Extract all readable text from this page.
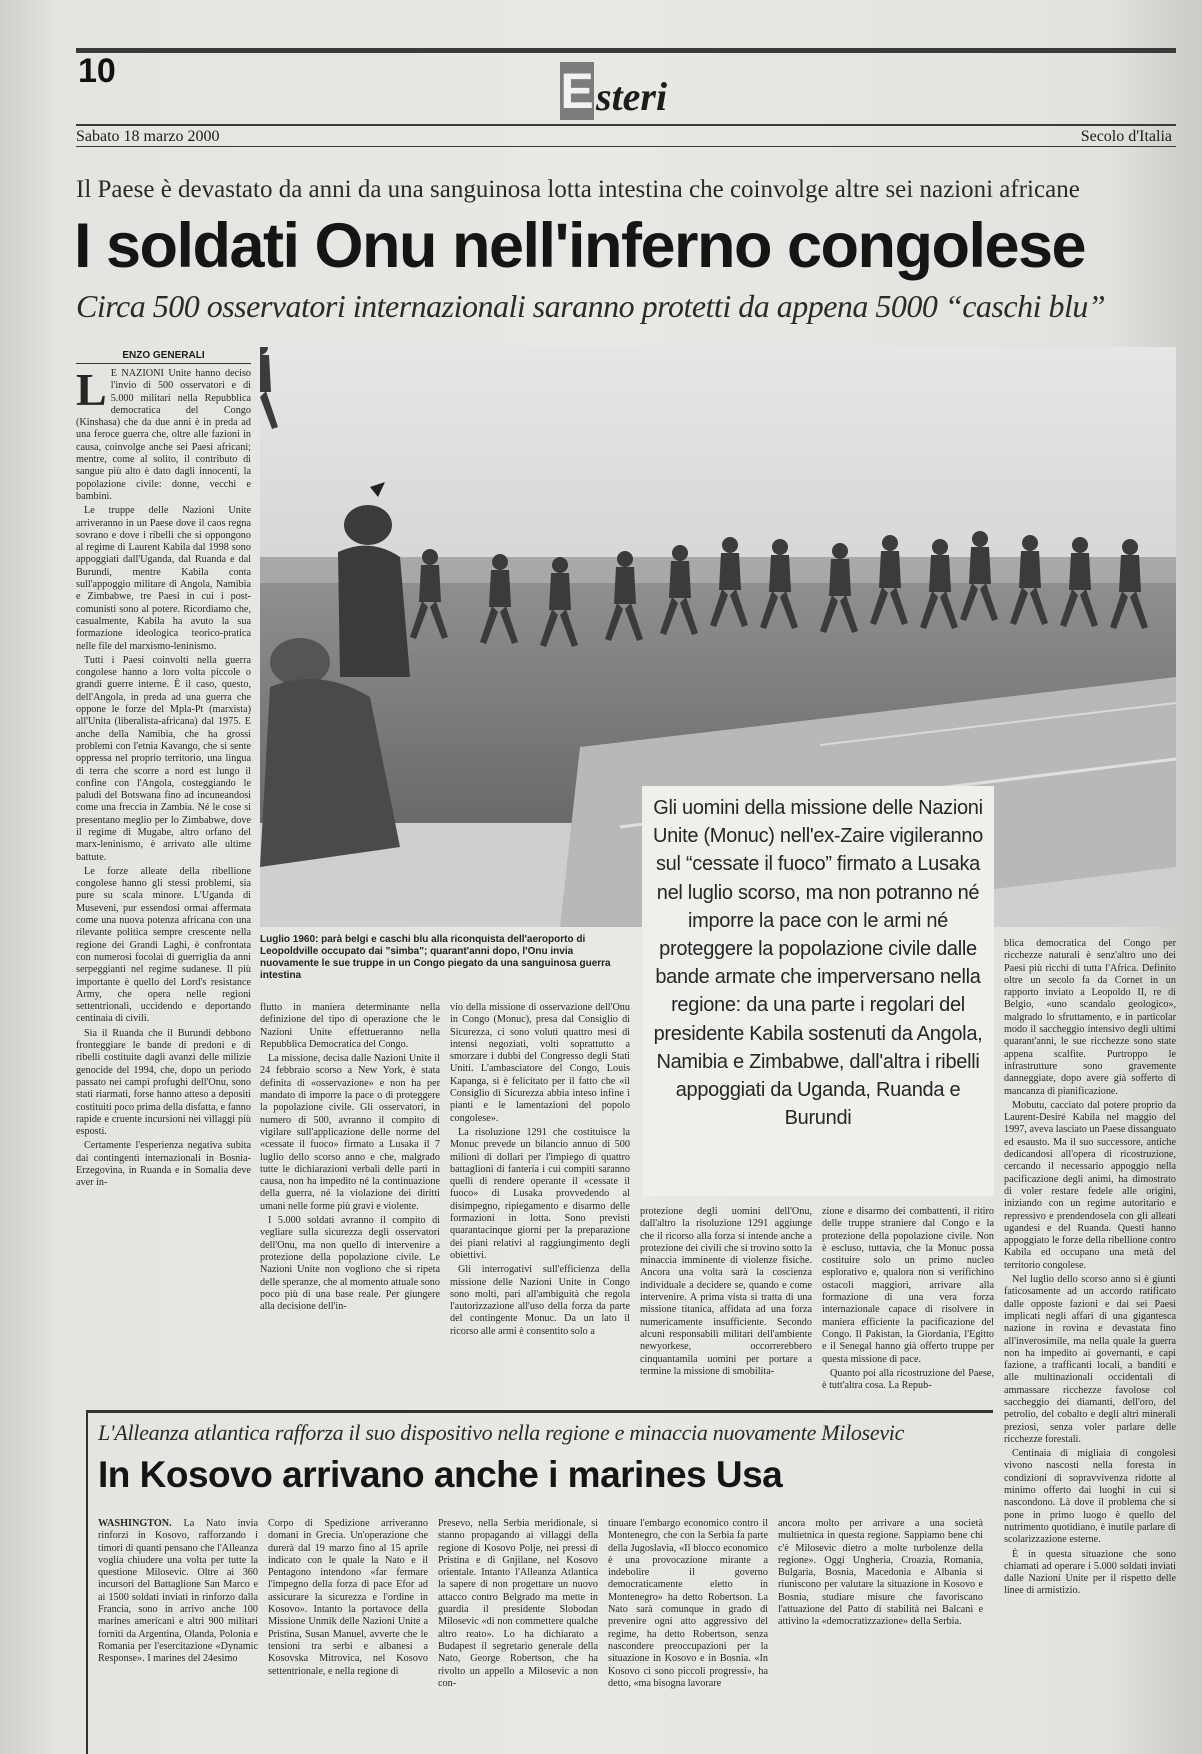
10	Esteri
Sabato 18 marzo 2000	Secolo d'Italia
Il Paese è devastato da anni da una sanguinosa lotta intestina che coinvolge altre sei nazioni africane
I soldati Onu nell'inferno congolese
Circa 500 osservatori internazionali saranno protetti da appena 5000 “caschi blu”
ENZO GENERALI
L E NAZIONI Unite hanno deciso l'invio di 500 osservatori e di 5.000 militari nella Repubblica democratica del Congo (Kinshasa) che da due anni è in preda ad una feroce guerra che, oltre alle fazioni in causa, coinvolge anche sei Paesi africani; mentre, come al solito, il contributo di sangue più alto è dato dagli innocenti, la popolazione civile: donne, vecchi e bambini.

Le truppe delle Nazioni Unite arriveranno in un Paese dove il caos regna sovrano e dove i ribelli che si oppongono al regime di Laurent Kabila dal 1998 sono appoggiati dall'Uganda, dal Ruanda e dal Burundi, mentre Kabila conta sull'appoggio militare di Angola, Namibia e Zimbabwe, tre Paesi in cui i post-comunisti sono al potere. Ricordiamo che, casualmente, Kabila ha avuto la sua formazione ideologica teorico-pratica nelle file del marxismo-leninismo.

Tutti i Paesi coinvolti nella guerra congolese hanno a loro volta piccole o grandi guerre interne. È il caso, questo, dell'Angola, in preda ad una guerra che oppone le forze del Mpla-Pt (marxista) all'Unita (liberalista-africana) dal 1975. E anche della Namibia, che ha grossi problemi con l'etnia Kavango, che si sente oppressa nel proprio territorio, una lingua di terra che scorre a nord est lungo il confine con l'Angola, costeggiando le paludi del Botswana fino ad incuneandosi come una freccia in Zambia. Né le cose si presentano meglio per lo Zimbabwe, dove il regime di Mugabe, altro orfano del marx-leninismo, è arrivato alle ultime battute.

Le forze alleate della ribellione congolese hanno gli stessi problemi, sia pure su scala minore. L'Uganda di Museveni, pur essendosi ormai affermata come una nuova potenza africana con una rilevante politica sempre crescente nella regione dei Grandi Laghi, è confrontata con numerosi focolai di guerriglia da anni serpeggianti nel regime sudanese. Il più importante è quello del Lord's resistance Army, che opera nelle regioni settentrionali, uccidendo e deportando centinaia di civili.

Sia il Ruanda che il Burundi debbono fronteggiare le bande di predoni e di ribelli costituite dagli avanzi delle milizie genocide del 1994, che, dopo un periodo passato nei campi profughi dell'Onu, sono stati riarmati, forse hanno atteso a depositi costituiti poco prima della disfatta, e fanno rapide e cruente incursioni nei villaggi più esposti.

Certamente l'esperienza negativa subita dai contingenti internazionali in Bosnia-Erzegovina, in Ruanda e in Somalia deve aver in-

Luglio 1960: parà belgi e caschi blu alla riconquista dell'aeroporto di Leopoldville occupato dai "simba"; quarant'anni dopo, l'Onu invia nuovamente le sue truppe in un Congo piegato da una sanguinosa guerra intestina
Gli uomini della missione delle Nazioni Unite (Monuc) nell'ex-Zaire vigileranno sul “cessate il fuoco” firmato a Lusaka nel luglio scorso, ma non potranno né imporre la pace con le armi né proteggere la popolazione civile dalle bande armate che imperversano nella regione: da una parte i regolari del presidente Kabila sostenuti da Angola, Namibia e Zimbabwe, dall'altra i ribelli appoggiati da Uganda, Ruanda e Burundi

flutto in maniera determinante nella definizione del tipo di operazione che le Nazioni Unite effettueranno nella Repubblica Democratica del Congo.

La missione, decisa dalle Nazioni Unite il 24 febbraio scorso a New York, è stata definita di «osservazione» e non ha per mandato di imporre la pace o di proteggere la popolazione civile. Gli osservatori, in numero di 500, avranno il compito di vigilare sull'applicazione delle norme del «cessate il fuoco» firmato a Lusaka il 7 luglio dello scorso anno e che, malgrado tutte le dichiarazioni verbali delle parti in causa, non ha impedito né la continuazione della guerra, né la violazione dei diritti umani nelle forme più gravi e violente.

I 5.000 soldati avranno il compito di vegliare sulla sicurezza degli osservatori dell'Onu, ma non quello di intervenire a protezione della popolazione civile. Le Nazioni Unite non vogliono che si ripeta delle speranze, che al momento attuale sono poco più di una base reale. Per giungere alla decisione dell'in-

vio della missione di osservazione dell'Onu in Congo (Monuc), presa dal Consiglio di Sicurezza, ci sono voluti quattro mesi di intensi negoziati, volti soprattutto a smorzare i dubbi del Congresso degli Stati Uniti. L'ambasciatore del Congo, Louis Kapanga, si è felicitato per il fatto che «il Consiglio di Sicurezza abbia inteso infine i pianti e le lamentazioni del popolo congolese».

La risoluzione 1291 che costituisce la Monuc prevede un bilancio annuo di 500 milioni di dollari per l'impiego di quattro battaglioni di fanteria i cui compiti saranno quelli di rendere operante il «cessate il fuoco» di Lusaka provvedendo al disimpegno, ripiegamento e disarmo delle formazioni in lotta. Sono previsti quarantacinque giorni per la preparazione dei piani relativi al raggiungimento degli obiettivi.

Gli interrogativi sull'efficienza della missione delle Nazioni Unite in Congo sono molti, pari all'ambiguità che regola l'autorizzazione all'uso della forza da parte del contingente Monuc. Da un lato il ricorso alle armi è consentito solo a

protezione degli uomini dell'Onu, dall'altro la risoluzione 1291 aggiunge che il ricorso alla forza si intende anche a protezione dei civili che si trovino sotto la minaccia imminente di violenze fisiche. Ancora una volta sarà la coscienza individuale a decidere se, quando e come intervenire. A prima vista si tratta di una missione titanica, affidata ad una forza numericamente insufficiente. Secondo alcuni responsabili militari dell'ambiente newyorkese, occorrerebbero cinquantamila uomini per portare a termine la missione di smobilita-

zione e disarmo dei combattenti, il ritiro delle truppe straniere dal Congo e la protezione della popolazione civile. Non è escluso, tuttavia, che la Monuc possa costituire solo un primo nucleo esplorativo e, qualora non si verifichino ostacoli maggiori, arrivare alla formazione di una vera forza internazionale capace di risolvere in maniera efficiente la pacificazione del Congo. Il Pakistan, la Giordania, l'Egitto e il Senegal hanno già offerto truppe per questa missione di pace.

Quanto poi alla ricostruzione del Paese, è tutt'altra cosa. La Repub-

blica democratica del Congo per ricchezze naturali è senz'altro uno dei Paesi più ricchi di tutta l'Africa. Definito oltre un secolo fa da Cornet in un rapporto inviato a Leopoldo II, re di Belgio, «uno scandalo geologico», malgrado lo sfruttamento, e in particolar modo il saccheggio intensivo degli ultimi quarant'anni, le sue ricchezze sono state appena scalfite. Purtroppo le infrastrutture sono gravemente danneggiate, dopo avere già sofferto di mancanza di pianificazione.

Mobutu, cacciato dal potere proprio da Laurent-Desiré Kabila nel maggio del 1997, aveva lasciato un Paese dissanguato ed esausto. Ma il suo successore, antiche dedicandosi all'opera di ricostruzione, cercando il necessario appoggio nella pacificazione degli animi, ha dimostrato di voler restare fedele alle origini, iniziando con un regime autoritario e repressivo e prendendosela con gli alleati ugandesi e del Ruanda. Questi hanno appoggiato le forze della ribellione contro Kabila ed occupano una metà del territorio congolese.

Nel luglio dello scorso anno si è giunti faticosamente ad un accordo ratificato dalle opposte fazioni e dai sei Paesi implicati negli affari di una gigantesca nazione in rovina e devastata fino all'inverosimile, ma nella quale la guerra non ha impedito ai governanti, e capi fazione, a trafficanti locali, a banditi e alle multinazionali occidentali di ammassare ricchezze favolose col saccheggio dei diamanti, dell'oro, del petrolio, del cobalto e degli altri minerali preziosi, senza voler parlare delle ricchezze forestali.

Centinaia di migliaia di congolesi vivono nascosti nella foresta in condizioni di sopravvivenza ridotte al minimo offerto dai luoghi in cui si nascondono. Là dove il problema che si pone in primo luogo è quello del nutrimento quotidiano, è inutile parlare di scolarizzazione esterne.

È in questa situazione che sono chiamati ad operare i 5.000 soldati inviati dalle Nazioni Unite per il rispetto delle linee di armistizio.

L'Alleanza atlantica rafforza il suo dispositivo nella regione e minaccia nuovamente Milosevic
In Kosovo arrivano anche i marines Usa

WASHINGTON. La Nato invia rinforzi in Kosovo, rafforzando i timori di quanti pensano che l'Alleanza voglia chiudere una volta per tutte la questione Milosevic. Oltre ai 360 incursori del Battaglione San Marco e ai 1500 soldati inviati in rinforzo dalla Francia, sono in arrivo anche 100 marines americani e altri 900 militari forniti da Argentina, Olanda, Polonia e Romania per l'esercitazione «Dynamic Response». I marines del 24esimo

Corpo di Spedizione arriveranno domani in Grecia. Un'operazione che durerà dal 19 marzo fino al 15 aprile indicato con le quale la Nato e il Pentagono intendono «far fermare l'impegno della forza di pace Efor ad assicurare la sicurezza e l'ordine in Kosovo». Intanto la portavoce della Missione Unmik delle Nazioni Unite a Pristina, Susan Manuel, avverte che le tensioni tra serbi e albanesi a Kosovska Mitrovica, nel Kosovo settentrionale, e nella regione di

Presevo, nella Serbia meridionale, si stanno propagando ai villaggi della regione di Kosovo Polje, nei pressi di Pristina e di Gnjilane, nel Kosovo orientale. Intanto l'Alleanza Atlantica la sapere di non progettare un nuovo attacco contro Belgrado ma mette in guardia il presidente Slobodan Milosevic «di non commettere qualche altro reato». Lo ha dichiarato a Budapest il segretario generale della Nato, George Robertson, che ha rivolto un appello a Milosevic a non con-

tinuare l'embargo economico contro il Montenegro, che con la Serbia fa parte della Jugoslavia, «Il blocco economico è una provocazione mirante a indebolire il governo democraticamente eletto in Montenegro» ha detto Robertson. La Nato sarà comunque in grado di prevenire ogni atto aggressivo del regime, ha detto Robertson, senza nascondere preoccupazioni per la situazione in Kosovo e in Bosnia. «In Kosovo ci sono piccoli progressi», ha detto, «ma bisogna lavorare

ancora molto per arrivare a una società multietnica in questa regione. Sappiamo bene chi c'è Milosevic dietro a molte turbolenze della regione». Oggi Ungheria, Croazia, Romania, Bulgaria, Bosnia, Macedonia e Albania si riuniscono per valutare la situazione in Kosovo e Bosnia, studiare misure che favoriscano l'attuazione del Patto di stabilità nei Balcani e attivino la «democratizzazione» della Serbia.
